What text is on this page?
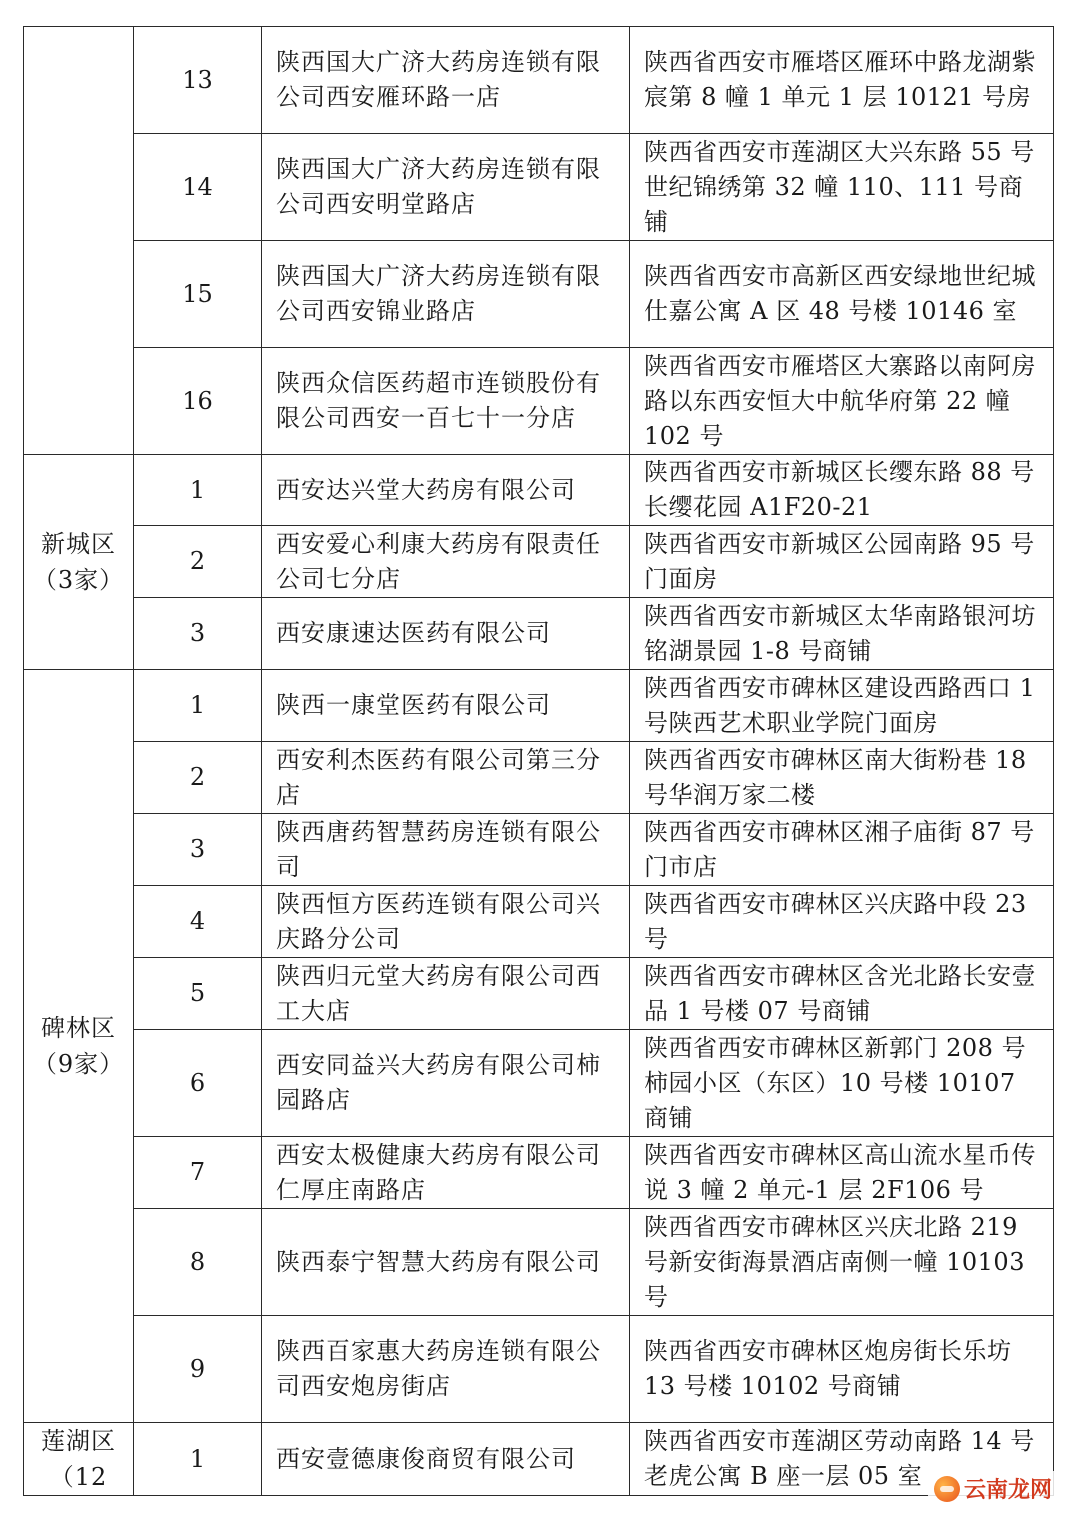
	13	陕西国大广济大药房连锁有限公司西安雁环路一店	陕西省西安市雁塔区雁环中路龙湖紫宸第 8 幢 1 单元 1 层 10121 号房
	14	陕西国大广济大药房连锁有限公司西安明堂路店	陕西省西安市莲湖区大兴东路 55 号世纪锦绣第 32 幢 110、111 号商铺
	15	陕西国大广济大药房连锁有限公司西安锦业路店	陕西省西安市高新区西安绿地世纪城仕嘉公寓 A 区 48 号楼 10146 室
	16	陕西众信医药超市连锁股份有限公司西安一百七十一分店	陕西省西安市雁塔区大寨路以南阿房路以东西安恒大中航华府第 22 幢 102 号

新城区
（3家）	1	西安达兴堂大药房有限公司	陕西省西安市新城区长缨东路 88 号长缨花园 A1F20-21
	2	西安爱心利康大药房有限责任公司七分店	陕西省西安市新城区公园南路 95 号门面房
	3	西安康速达医药有限公司	陕西省西安市新城区太华南路银河坊铭湖景园 1-8 号商铺

碑林区
（9家）	1	陕西一康堂医药有限公司	陕西省西安市碑林区建设西路西口 1 号陕西艺术职业学院门面房
	2	西安利杰医药有限公司第三分店	陕西省西安市碑林区南大街粉巷 18 号华润万家二楼
	3	陕西唐药智慧药房连锁有限公司	陕西省西安市碑林区湘子庙街 87 号门市店
	4	陕西恒方医药连锁有限公司兴庆路分公司	陕西省西安市碑林区兴庆路中段 23 号
	5	陕西归元堂大药房有限公司西工大店	陕西省西安市碑林区含光北路长安壹品 1 号楼 07 号商铺
	6	西安同益兴大药房有限公司柿园路店	陕西省西安市碑林区新郭门 208 号柿园小区（东区）10 号楼 10107 商铺
	7	西安太极健康大药房有限公司仁厚庄南路店	陕西省西安市碑林区高山流水星币传说 3 幢 2 单元-1 层 2F106 号
	8	陕西泰宁智慧大药房有限公司	陕西省西安市碑林区兴庆北路 219 号新安街海景酒店南侧一幢 10103 号
	9	陕西百家惠大药房连锁有限公司西安炮房街店	陕西省西安市碑林区炮房街长乐坊 13 号楼 10102 号商铺

莲湖区
（12	1	西安壹德康俊商贸有限公司	陕西省西安市莲湖区劳动南路 14 号老虎公寓 B 座一层 05 室
云南龙网
